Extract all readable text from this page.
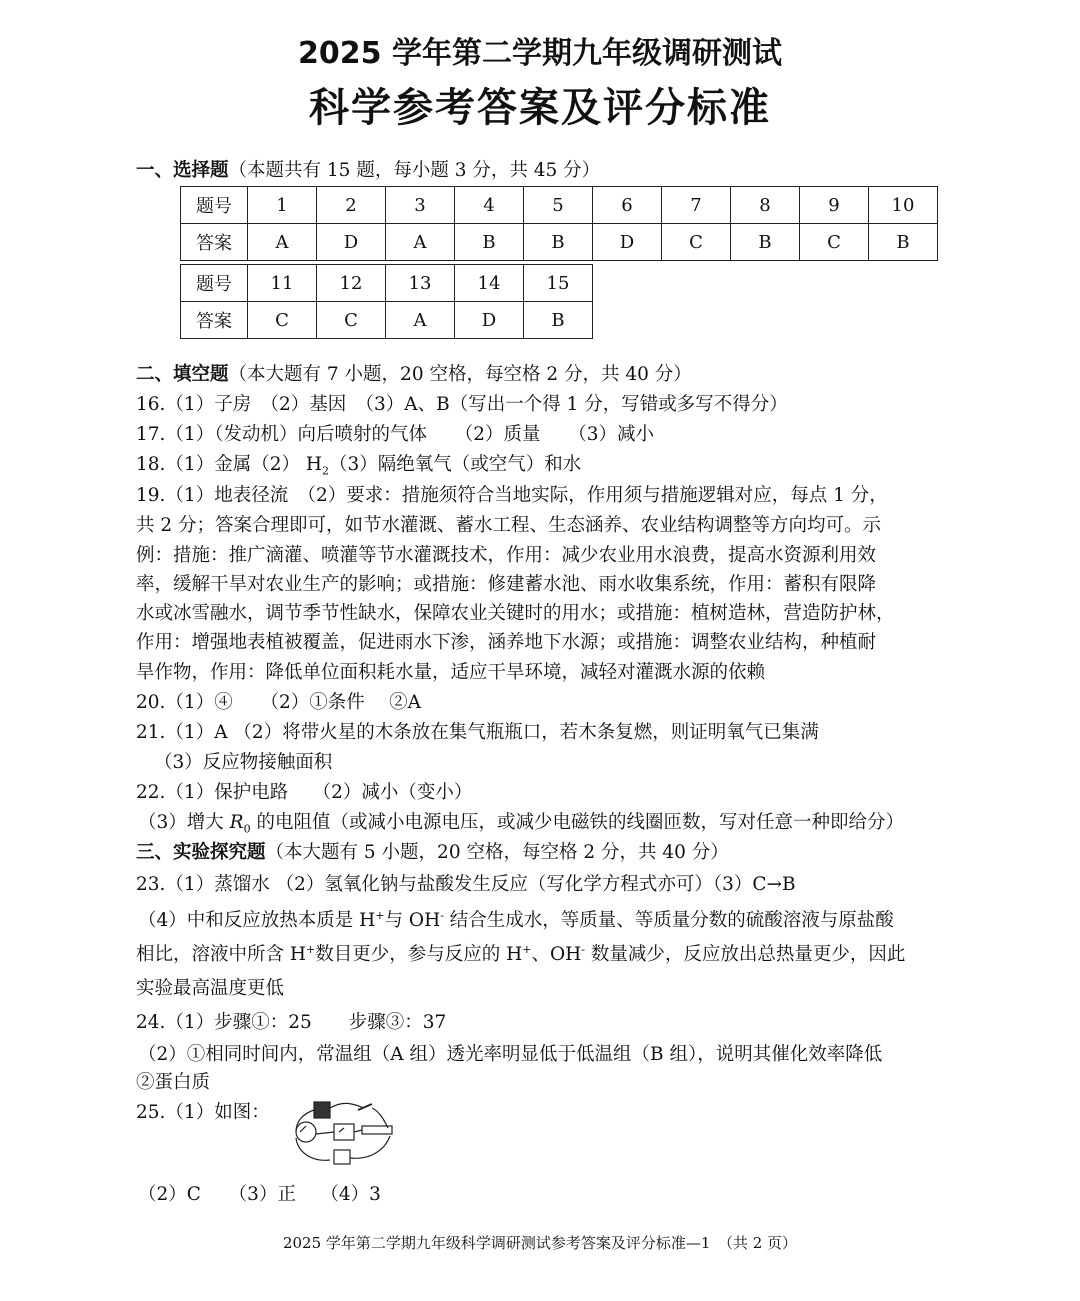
2025 学年第二学期九年级调研测试
科学参考答案及评分标准
一、选择题（本题共有 15 题，每小题 3 分，共 45 分）
题号	1	2	3	4	5	6	7	8	9	10
答案	A	D	A	B	B	D	C	B	C	B
题号	11	12	13	14	15
答案	C	C	A	D	B
二、填空题（本大题有 7 小题，20 空格，每空格 2 分，共 40 分）
16.（1）子房　（2）基因　（3）A、B（写出一个得 1 分，写错或多写不得分）
17.（1）（发动机）向后喷射的气体　　（2）质量　　（3）减小
18.（1）金属（2） $H_2(3)$隔绝氧气（或空气）和水
19.（1）地表径流　（2）要求：措施须符合当地实际，作用须与措施逻辑对应，每点 1 分，
共 2 分；答案合理即可，如节水灌溉、蓄水工程、生态涵养、农业结构调整等方向均可。示
例：措施：推广滴灌、喷灌等节水灌溉技术，作用：减少农业用水浪费，提高水资源利用效
率，缓解干旱对农业生产的影响；或措施：修建蓄水池、雨水收集系统，作用：蓄积有限降
水或冰雪融水，调节季节性缺水，保障农业关键时的用水；或措施：植树造林，营造防护林，
作用：增强地表植被覆盖，促进雨水下渗，涵养地下水源；或措施：调整农业结构，种植耐
旱作物，作用：降低单位面积耗水量，适应干旱环境，减轻对灌溉水源的依赖
20.（1）④　　（2）①条件　 ②A
21.（1）A （2）将带火星的木条放在集气瓶瓶口，若木条复燃，则证明氧气已集满
（3）反应物接触面积
22.（1）保护电路　 （2）减小（变小）
（3）增大 $R_0$ 的电阻值（或减小电源电压，或减少电磁铁的线圈匝数，写对任意一种即给分）
三、实验探究题（本大题有 5 小题，20 空格，每空格 2 分，共 40 分）
23.（1）蒸馏水 （2）氢氧化钠与盐酸发生反应（写化学方程式亦可）（3）C→B
（4）中和反应放热本质是 H+与 OH- 结合生成水，等质量、等质量分数的硫酸溶液与原盐酸
相比，溶液中所含 H+数目更少，参与反应的 H+、OH- 数量减少，反应放出总热量更少，因此
实验最高温度更低
24.（1）步骤①：25　　步骤③：37
（2）①相同时间内，常温组（A 组）透光率明显低于低温组（B 组），说明其催化效率降低
②蛋白质
25.（1）如图：
（2）C　　（3）正　 （4）3
2025 学年第二学期九年级科学调研测试参考答案及评分标准—1　（共 2 页）
